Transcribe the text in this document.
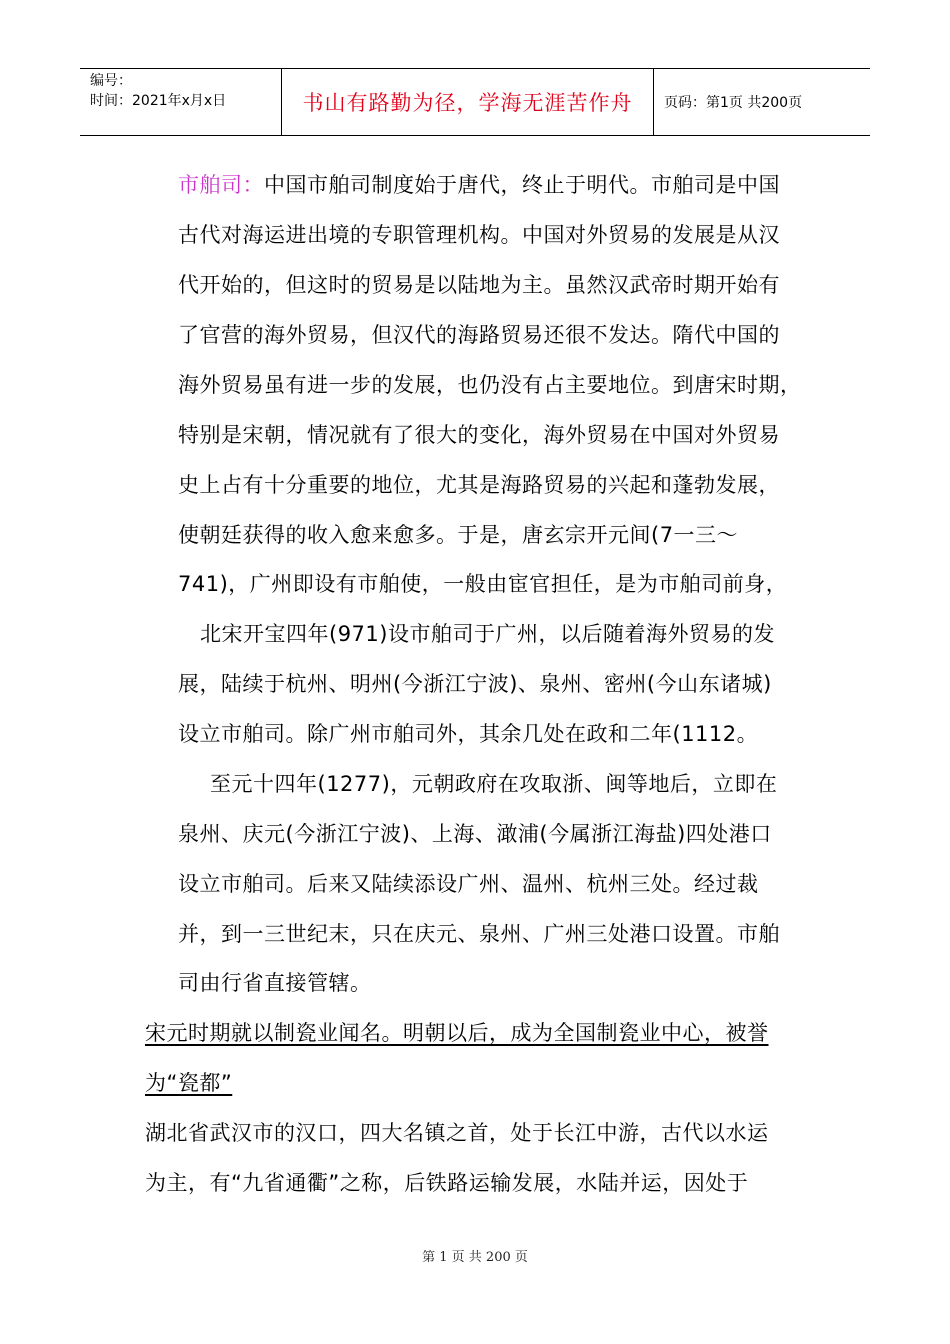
编号：
时间：2021年x月x日	书山有路勤为径，学海无涯苦作舟 页码：第1页 共200页
市舶司：中国市舶司制度始于唐代，终止于明代。市舶司是中国
古代对海运进出境的专职管理机构。中国对外贸易的发展是从汉
代开始的，但这时的贸易是以陆地为主。虽然汉武帝时期开始有
了官营的海外贸易，但汉代的海路贸易还很不发达。隋代中国的
海外贸易虽有进一步的发展，也仍没有占主要地位。到唐宋时期，
特别是宋朝，情况就有了很大的变化，海外贸易在中国对外贸易
史上占有十分重要的地位，尤其是海路贸易的兴起和蓬勃发展，
使朝廷获得的收入愈来愈多。于是，唐玄宗开元间(7一三～
741)，广州即设有市舶使，一般由宦官担任，是为市舶司前身，
北宋开宝四年(971)设市舶司于广州，以后随着海外贸易的发
展，陆续于杭州、明州(今浙江宁波)、泉州、密州(今山东诸城)
设立市舶司。除广州市舶司外，其余几处在政和二年(1112。
至元十四年(1277)，元朝政府在攻取浙、闽等地后，立即在
泉州、庆元(今浙江宁波)、上海、澉浦(今属浙江海盐)四处港口
设立市舶司。后来又陆续添设广州、温州、杭州三处。经过裁
并，到一三世纪末，只在庆元、泉州、广州三处港口设置。市舶
司由行省直接管辖。
宋元时期就以制瓷业闻名。明朝以后，成为全国制瓷业中心，被誉
为“瓷都”
湖北省武汉市的汉口，四大名镇之首，处于长江中游，古代以水运
为主，有“九省通衢”之称，后铁路运输发展，水陆并运，因处于
第 1 页 共 200 页
